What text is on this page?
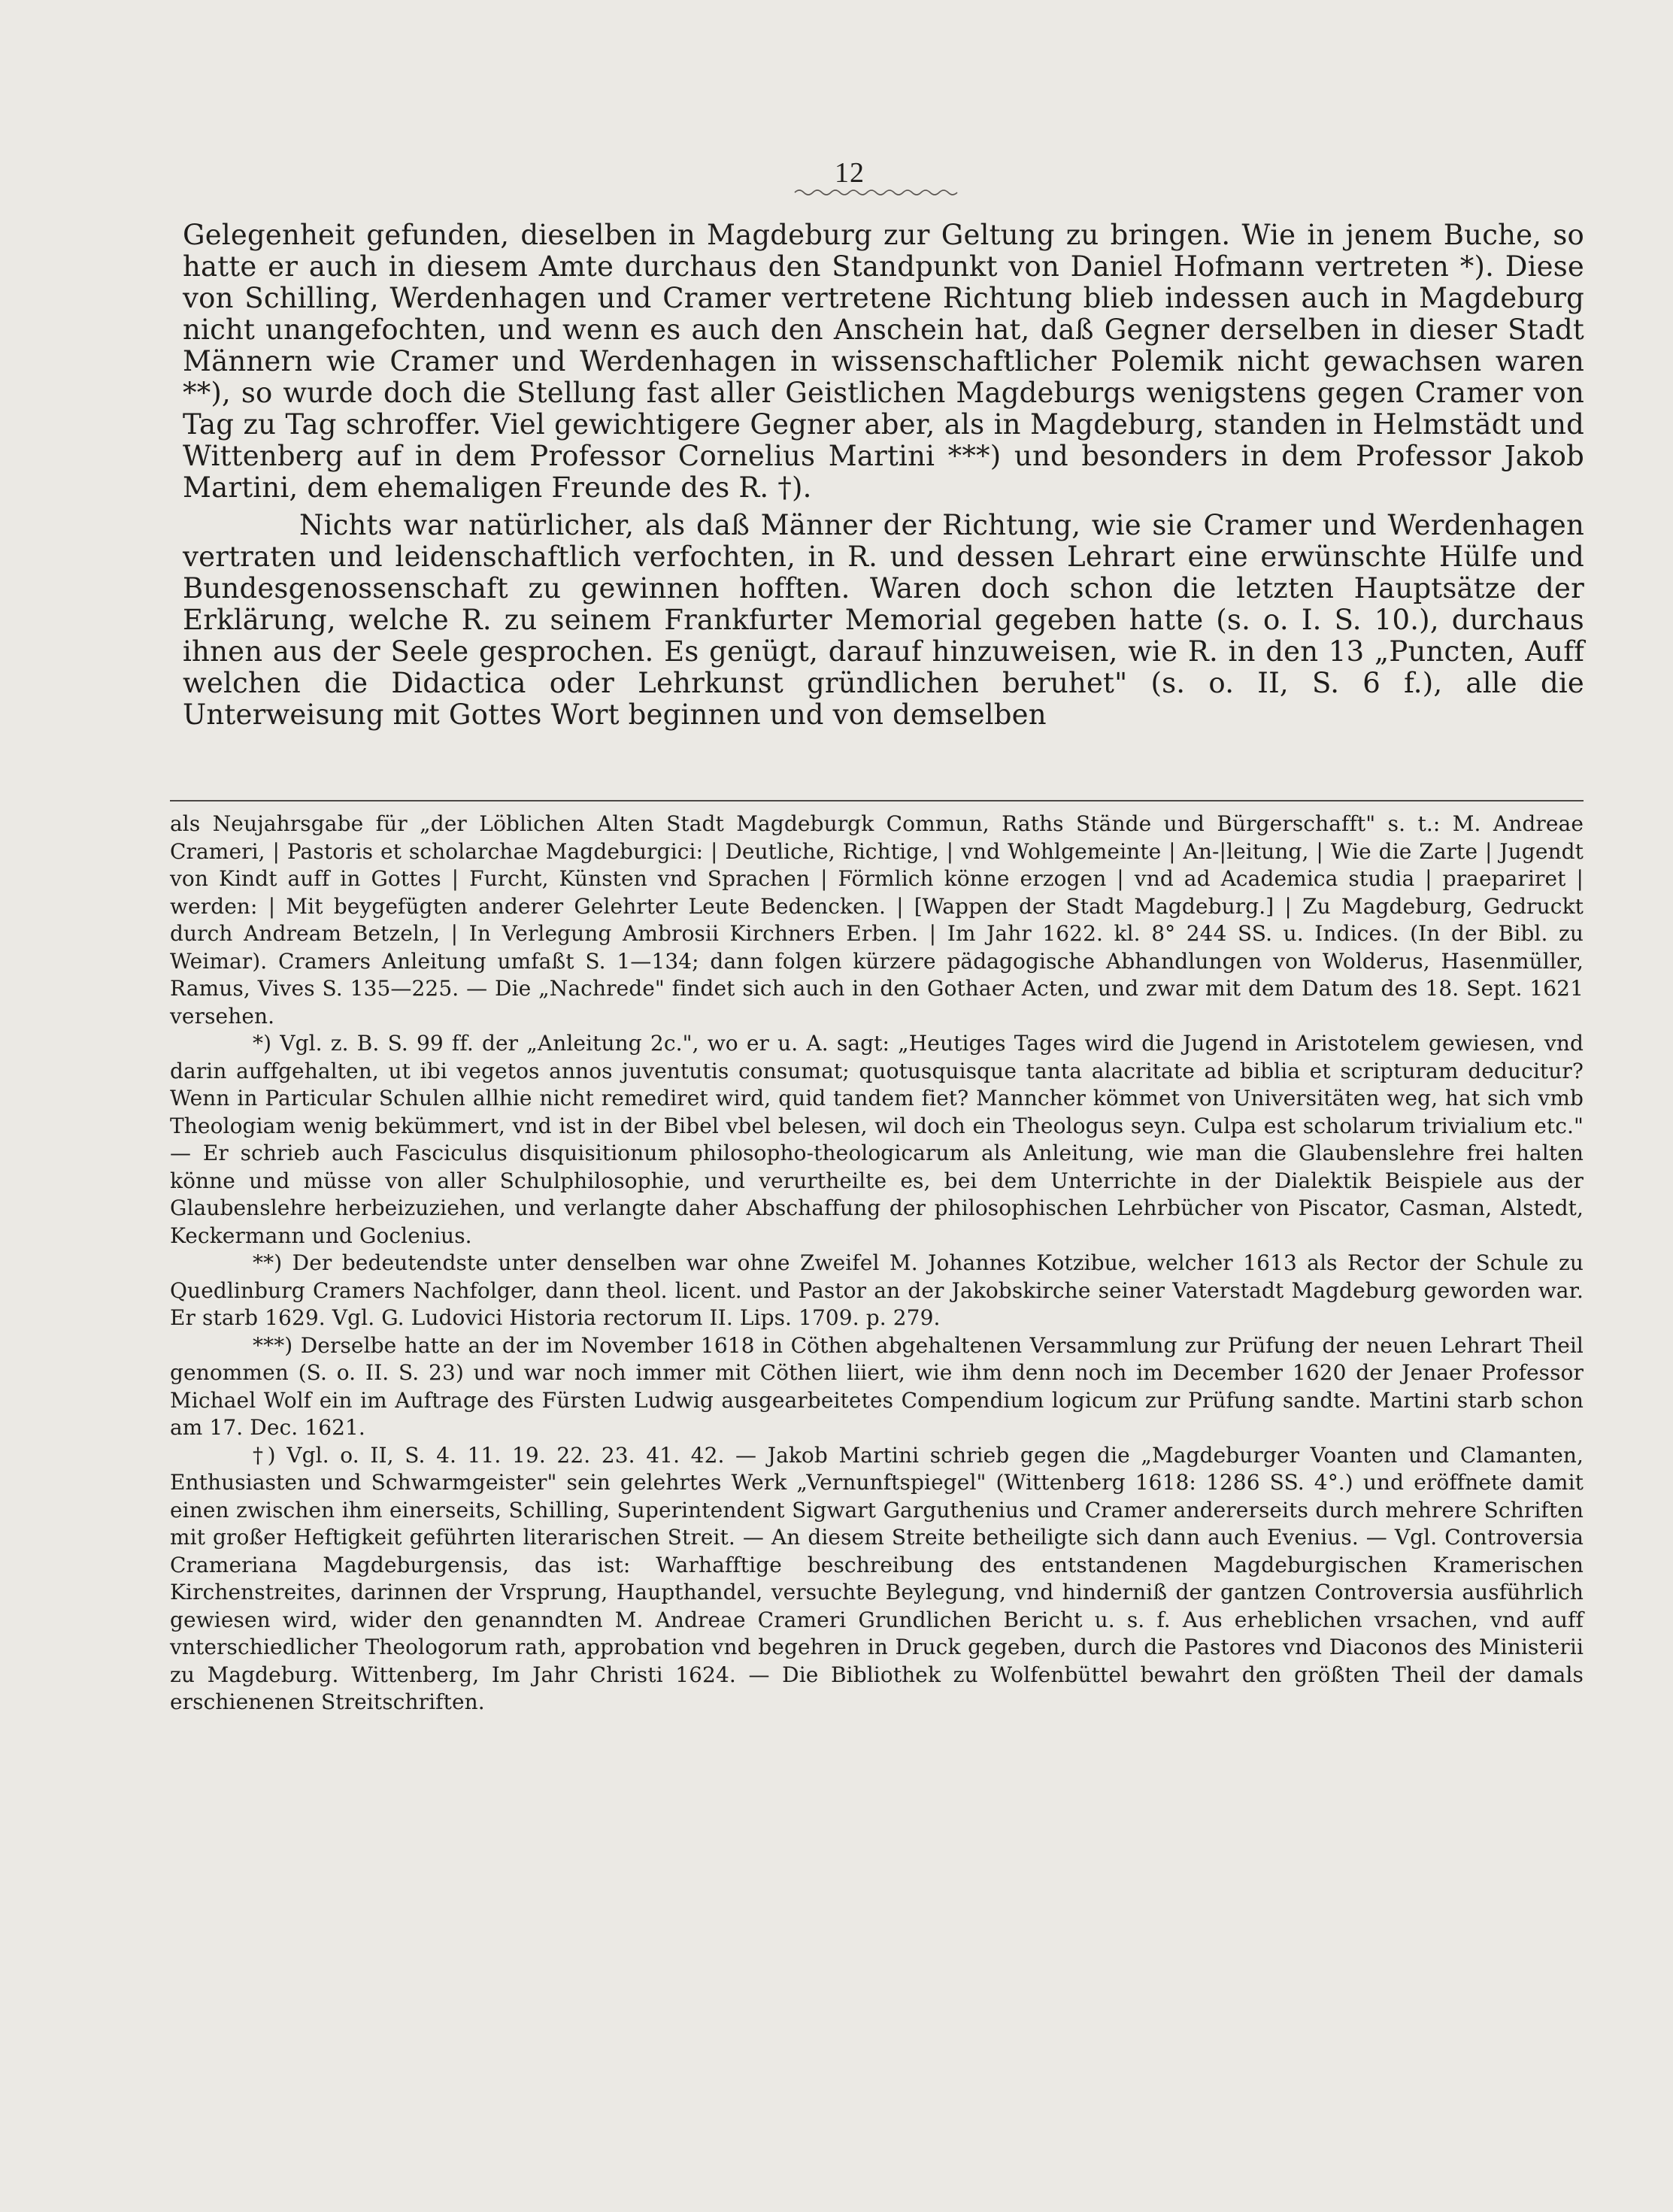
12

Gelegenheit gefunden, dieselben in Magdeburg zur Geltung zu bringen. Wie in jenem Buche, so hatte er auch in diesem Amte durchaus den Standpunkt von Daniel Hofmann vertreten *). Diese von Schilling, Werdenhagen und Cramer vertretene Richtung blieb indessen auch in Magdeburg nicht unangefochten, und wenn es auch den Anschein hat, daß Gegner derselben in dieser Stadt Männern wie Cramer und Werdenhagen in wissenschaftlicher Polemik nicht gewachsen waren **), so wurde doch die Stellung fast aller Geistlichen Magdeburgs wenigstens gegen Cramer von Tag zu Tag schroffer. Viel gewichtigere Gegner aber, als in Magdeburg, standen in Helmstädt und Wittenberg auf in dem Professor Cornelius Martini ***) und besonders in dem Professor Jakob Martini, dem ehemaligen Freunde des R. †).

Nichts war natürlicher, als daß Männer der Richtung, wie sie Cramer und Werdenhagen vertraten und leidenschaftlich verfochten, in R. und dessen Lehrart eine erwünschte Hülfe und Bundesgenossenschaft zu gewinnen hofften. Waren doch schon die letzten Hauptsätze der Erklärung, welche R. zu seinem Frankfurter Memorial gegeben hatte (s. o. I. S. 10.), durchaus ihnen aus der Seele gesprochen. Es genügt, darauf hinzuweisen, wie R. in den 13 „Puncten, Auff welchen die Didactica oder Lehrkunst gründlichen beruhet" (s. o. II, S. 6 f.), alle die Unterweisung mit Gottes Wort beginnen und von demselben

als Neujahrsgabe für „der Löblichen Alten Stadt Magdeburgk Commun, Raths Stände und Bürgerschafft" s. t.: M. Andreae Crameri, | Pastoris et scholarchae Magdeburgici: | Deutliche, Richtige, | vnd Wohlgemeinte | An-|leitung, | Wie die Zarte | Jugendt von Kindt auff in Gottes | Furcht, Künsten vnd Sprachen | Förmlich könne erzogen | vnd ad Academica studia | praepariret | werden: | Mit beygefügten anderer Gelehrter Leute Bedencken. | [Wappen der Stadt Magdeburg.] | Zu Magdeburg, Gedruckt durch Andream Betzeln, | In Verlegung Ambrosii Kirchners Erben. | Im Jahr 1622. kl. 8° 244 SS. u. Indices. (In der Bibl. zu Weimar). Cramers Anleitung umfaßt S. 1—134; dann folgen kürzere pädagogische Abhandlungen von Wolderus, Hasenmüller, Ramus, Vives S. 135—225. — Die „Nachrede" findet sich auch in den Gothaer Acten, und zwar mit dem Datum des 18. Sept. 1621 versehen.

*) Vgl. z. B. S. 99 ff. der „Anleitung 2c.", wo er u. A. sagt: „Heutiges Tages wird die Jugend in Aristotelem gewiesen, vnd darin auffgehalten, ut ibi vegetos annos juventutis consumat; quotusquisque tanta alacritate ad biblia et scripturam deducitur? Wenn in Particular Schulen allhie nicht remediret wird, quid tandem fiet? Manncher kömmet von Universitäten weg, hat sich vmb Theologiam wenig bekümmert, vnd ist in der Bibel vbel belesen, wil doch ein Theologus seyn. Culpa est scholarum trivialium etc." — Er schrieb auch Fasciculus disquisitionum philosopho-theologicarum als Anleitung, wie man die Glaubenslehre frei halten könne und müsse von aller Schulphilosophie, und verurtheilte es, bei dem Unterrichte in der Dialektik Beispiele aus der Glaubenslehre herbeizuziehen, und verlangte daher Abschaffung der philosophischen Lehrbücher von Piscator, Casman, Alstedt, Keckermann und Goclenius.

**) Der bedeutendste unter denselben war ohne Zweifel M. Johannes Kotzibue, welcher 1613 als Rector der Schule zu Quedlinburg Cramers Nachfolger, dann theol. licent. und Pastor an der Jakobskirche seiner Vaterstadt Magdeburg geworden war. Er starb 1629. Vgl. G. Ludovici Historia rectorum II. Lips. 1709. p. 279.

***) Derselbe hatte an der im November 1618 in Cöthen abgehaltenen Versammlung zur Prüfung der neuen Lehrart Theil genommen (S. o. II. S. 23) und war noch immer mit Cöthen liiert, wie ihm denn noch im December 1620 der Jenaer Professor Michael Wolf ein im Auftrage des Fürsten Ludwig ausgearbeitetes Compendium logicum zur Prüfung sandte. Martini starb schon am 17. Dec. 1621.

†) Vgl. o. II, S. 4. 11. 19. 22. 23. 41. 42. — Jakob Martini schrieb gegen die „Magdeburger Voanten und Clamanten, Enthusiasten und Schwarmgeister" sein gelehrtes Werk „Vernunftspiegel" (Wittenberg 1618: 1286 SS. 4°.) und eröffnete damit einen zwischen ihm einerseits, Schilling, Superintendent Sigwart Garguthenius und Cramer andererseits durch mehrere Schriften mit großer Heftigkeit geführten literarischen Streit. — An diesem Streite betheiligte sich dann auch Evenius. — Vgl. Controversia Crameriana Magdeburgensis, das ist: Warhafftige beschreibung des entstandenen Magdeburgischen Kramerischen Kirchenstreites, darinnen der Vrsprung, Haupthandel, versuchte Beylegung, vnd hinderniß der gantzen Controversia ausführlich gewiesen wird, wider den genanndten M. Andreae Crameri Grundlichen Bericht u. s. f. Aus erheblichen vrsachen, vnd auff vnterschiedlicher Theologorum rath, approbation vnd begehren in Druck gegeben, durch die Pastores vnd Diaconos des Ministerii zu Magdeburg. Wittenberg, Im Jahr Christi 1624. — Die Bibliothek zu Wolfenbüttel bewahrt den größten Theil der damals erschienenen Streitschriften.
